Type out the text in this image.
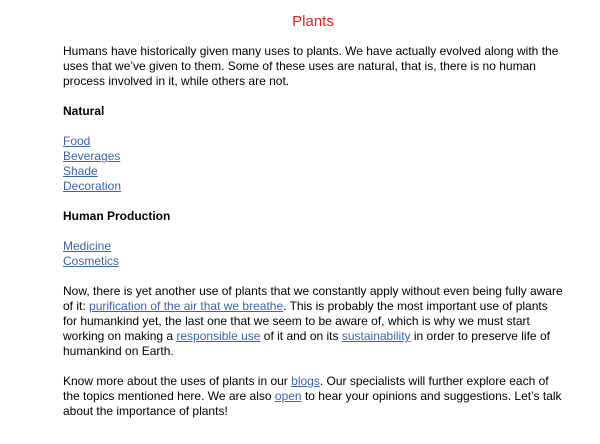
Plants

Humans have historically given many uses to plants. We have actually evolved along with the uses that we’ve given to them. Some of these uses are natural, that is, there is no human process involved in it, while others are not.

Natural

Food
Beverages
Shade
Decoration

Human Production

Medicine
Cosmetics

Now, there is yet another use of plants that we constantly apply without even being fully aware of it: purification of the air that we breathe. This is probably the most important use of plants for humankind yet, the last one that we seem to be aware of, which is why we must start working on making a responsible use of it and on its sustainability in order to preserve life of humankind on Earth.

Know more about the uses of plants in our blogs. Our specialists will further explore each of the topics mentioned here. We are also open to hear your opinions and suggestions. Let’s talk about the importance of plants!
